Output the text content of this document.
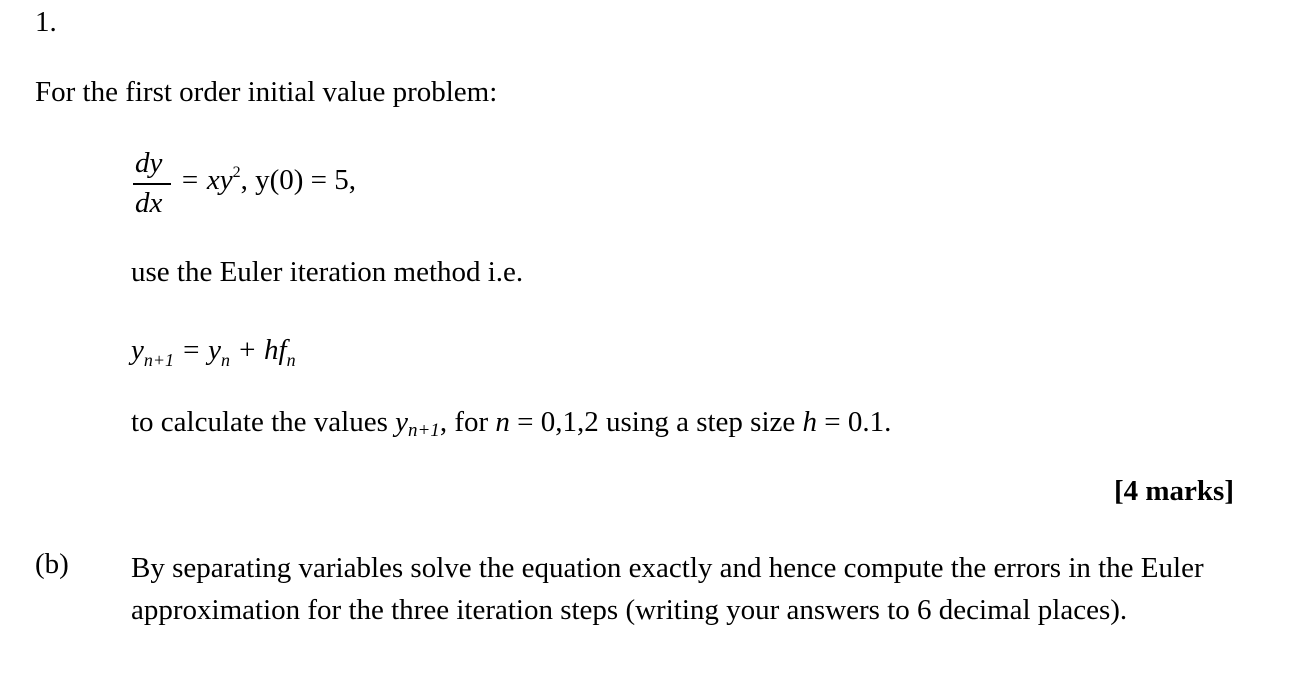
1.
For the first order initial value problem:
dy
dx
= $xy^2$, y(0) = 5,
use the Euler iteration method i.e.
$y_{n+1} = y_n + hf_n$
to calculate the values $y_{n+1}$, for n = 0,1,2 using a step size h = 0.1.
[4 marks]
(b) By separating variables solve the equation exactly and hence compute the errors in the Euler approximation for the three iteration steps (writing your answers to 6 decimal places).
